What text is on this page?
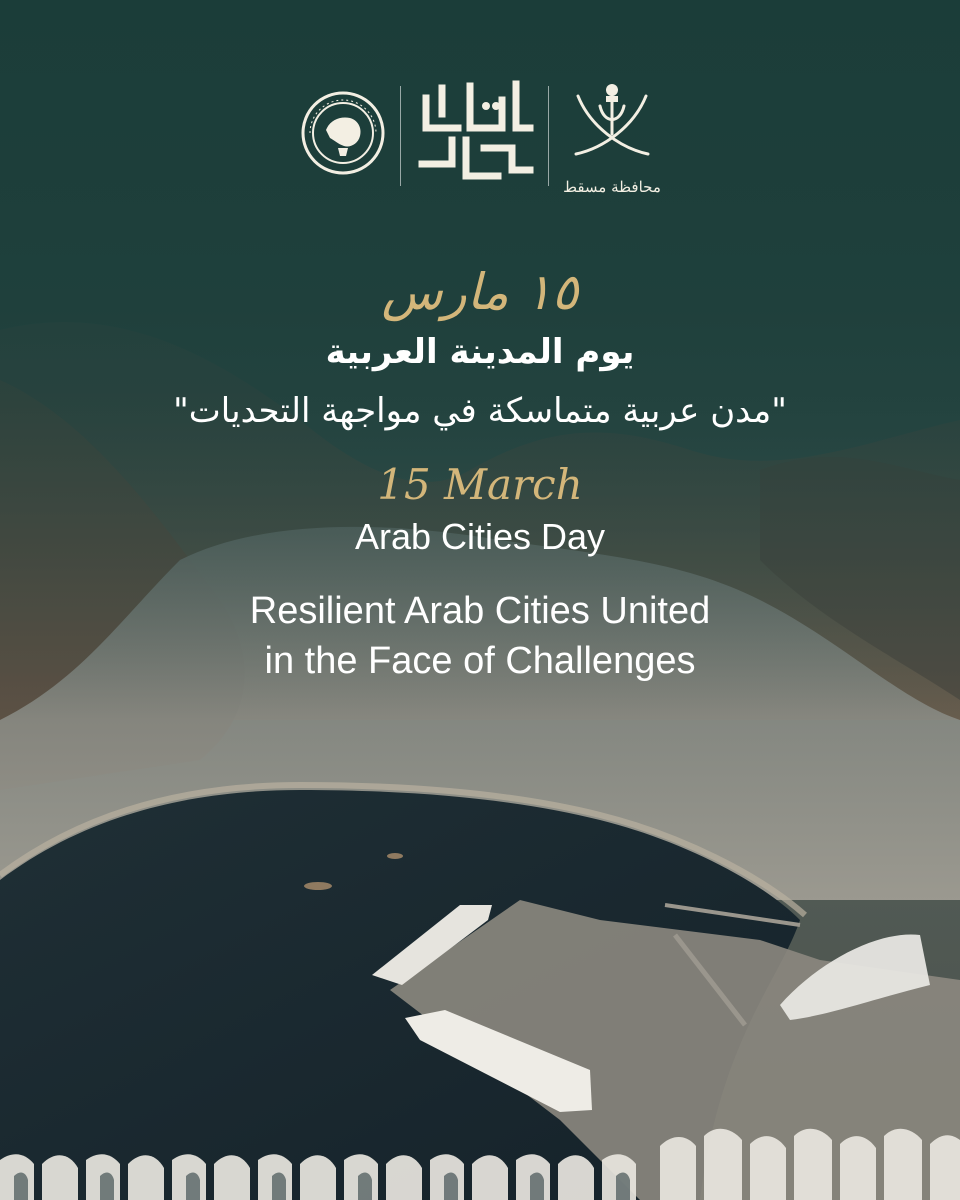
محافظة مسقط
١٥ مارس
يوم المدينة العربية
"مدن عربية متماسكة في مواجهة التحديات"
15 March
Arab Cities Day
Resilient Arab Cities United
in the Face of Challenges
